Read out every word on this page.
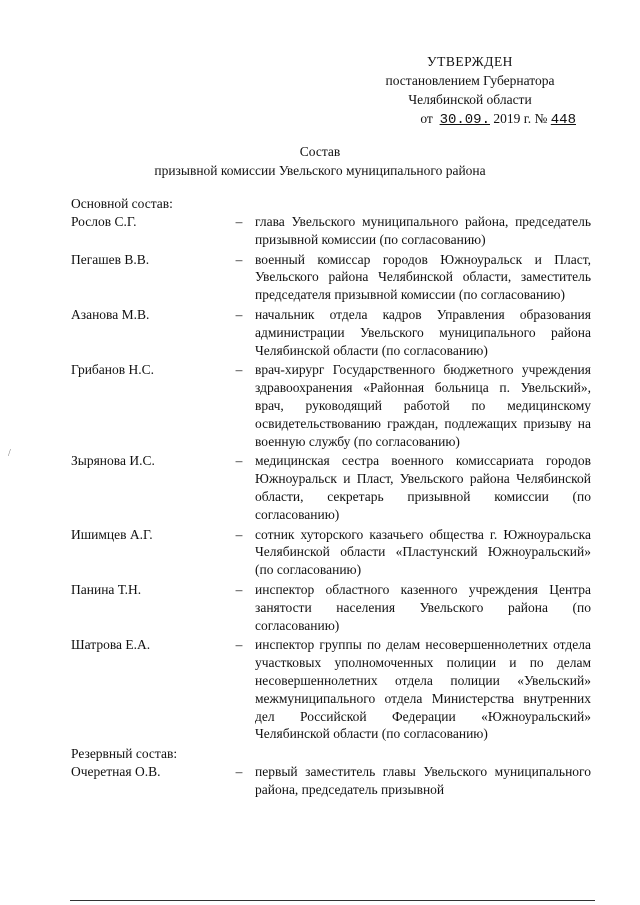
УТВЕРЖДЕН
постановлением Губернатора
Челябинской области
от 30.09. 2019 г. № 448
Состав
призывной комиссии Увельского муниципального района
Основной состав:
Рослов С.Г.	– глава Увельского муниципального района, председатель призывной комиссии (по согласованию)
Пегашев В.В.	– военный комиссар городов Южноуральск и Пласт, Увельского района Челябинской области, заместитель председателя призывной комиссии (по согласованию)
Азанова М.В.	– начальник отдела кадров Управления образования администрации Увельского муниципального района Челябинской области (по согласованию)
Грибанов Н.С.	– врач-хирург Государственного бюджетного учреждения здравоохранения «Районная больница п. Увельский», врач, руководящий работой по медицинскому освидетельствованию граждан, подлежащих призыву на военную службу (по согласованию)
Зырянова И.С.	– медицинская сестра военного комиссариата городов Южноуральск и Пласт, Увельского района Челябинской области, секретарь призывной комиссии (по согласованию)
Ишимцев А.Г.	– сотник хуторского казачьего общества г. Южноуральска Челябинской области «Пластунский Южноуральский» (по согласованию)
Панина Т.Н.	– инспектор областного казенного учреждения Центра занятости населения Увельского района (по согласованию)
Шатрова Е.А.	– инспектор группы по делам несовершеннолетних отдела участковых уполномоченных полиции и по делам несовершеннолетних отдела полиции «Увельский» межмуниципального отдела Министерства внутренних дел Российской Федерации «Южноуральский» Челябинской области (по согласованию)
Резервный состав:
Очеретная О.В.	– первый заместитель главы Увельского муниципального района, председатель призывной
/
